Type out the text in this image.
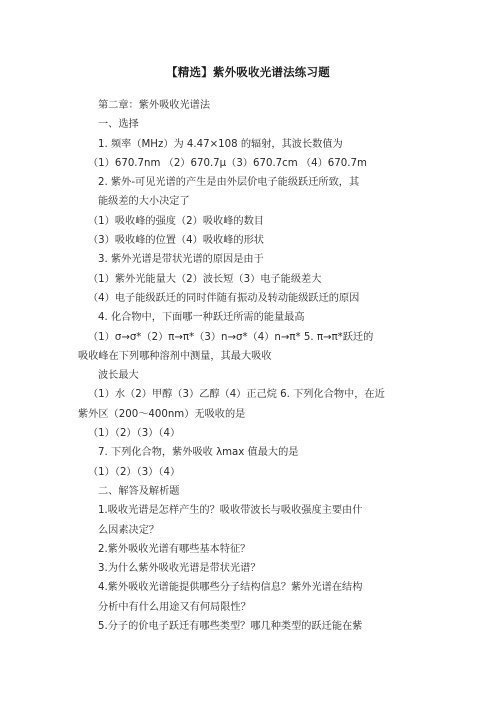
【精选】紫外吸收光谱法练习题
第二章：紫外吸收光谱法
一、选择
1. 频率（MHz）为 4.47×108 的辐射，其波长数值为
（1）670.7nm （2）670.7μ（3）670.7cm （4）670.7m
2. 紫外-可见光谱的产生是由外层价电子能级跃迁所致，其
能级差的大小决定了
（1）吸收峰的强度（2）吸收峰的数目
（3）吸收峰的位置（4）吸收峰的形状
3. 紫外光谱是带状光谱的原因是由于
（1）紫外光能量大（2）波长短（3）电子能级差大
（4）电子能级跃迁的同时伴随有振动及转动能级跃迁的原因
4. 化合物中，下面哪一种跃迁所需的能量最高
（1）σ→σ*（2）π→π*（3）n→σ*（4）n→π* 5. π→π*跃迁的
吸收峰在下列哪种溶剂中测量，其最大吸收
波长最大
（1）水（2）甲醇（3）乙醇（4）正己烷 6. 下列化合物中，在近
紫外区（200～400nm）无吸收的是
（1）（2）（3）（4）
7. 下列化合物，紫外吸收 λmax 值最大的是
（1）（2）（3）（4）
二、解答及解析题
1.吸收光谱是怎样产生的？吸收带波长与吸收强度主要由什
么因素决定？
2.紫外吸收光谱有哪些基本特征？
3.为什么紫外吸收光谱是带状光谱？
4.紫外吸收光谱能提供哪些分子结构信息？紫外光谱在结构
分析中有什么用途又有何局限性？
5.分子的价电子跃迁有哪些类型？哪几种类型的跃迁能在紫
